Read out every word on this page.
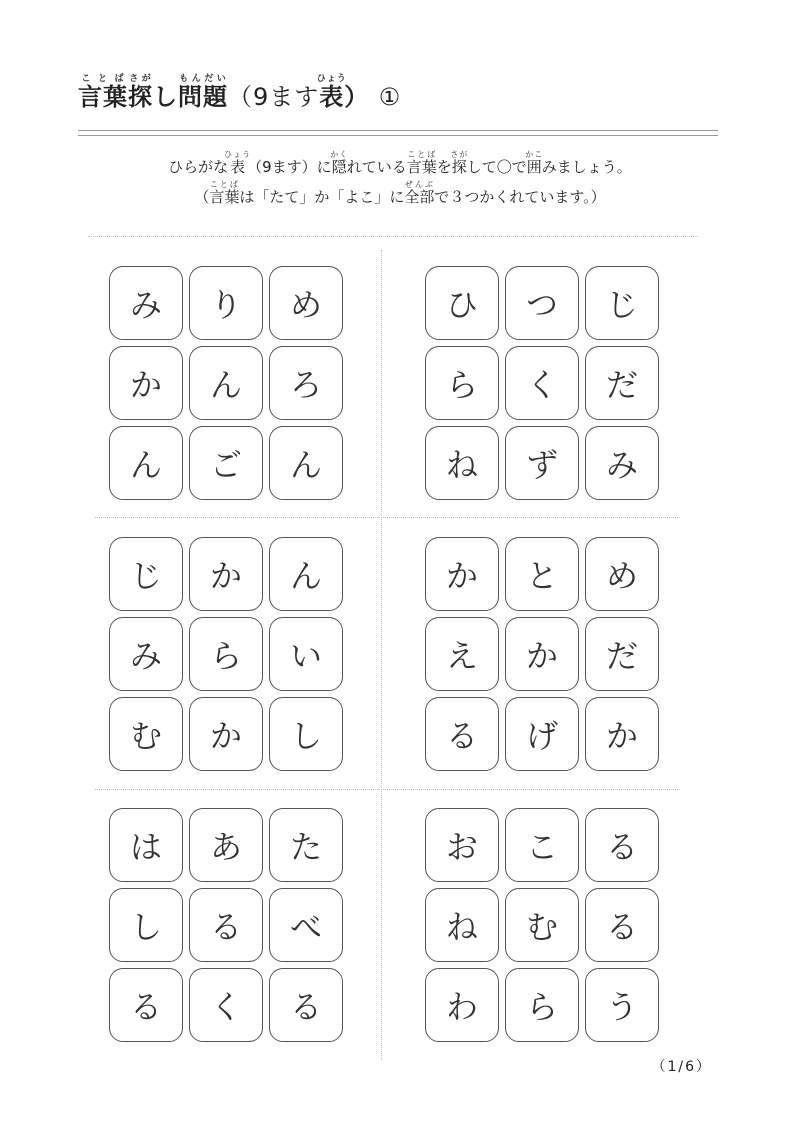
言葉ことば探さがし問題もんだい（9ます表ひょう） ①
ひらがな表ひょう（9ます）に隠かくれている言葉ことばを探さがして〇で囲かこみましょう。
（言葉ことばは「たて」か「よこ」に全部ぜんぶで３つかくれています。）
み	り	め
か	ん	ろ
ん	ご	ん
ひ	つ	じ
ら	く	だ
ね	ず	み
じ	か	ん
み	ら	い
む	か	し
か	と	め
え	か	だ
る	げ	か
は	あ	た
し	る	べ
る	く	る
お	こ	る
ね	む	る
わ	ら	う
（1/6）
